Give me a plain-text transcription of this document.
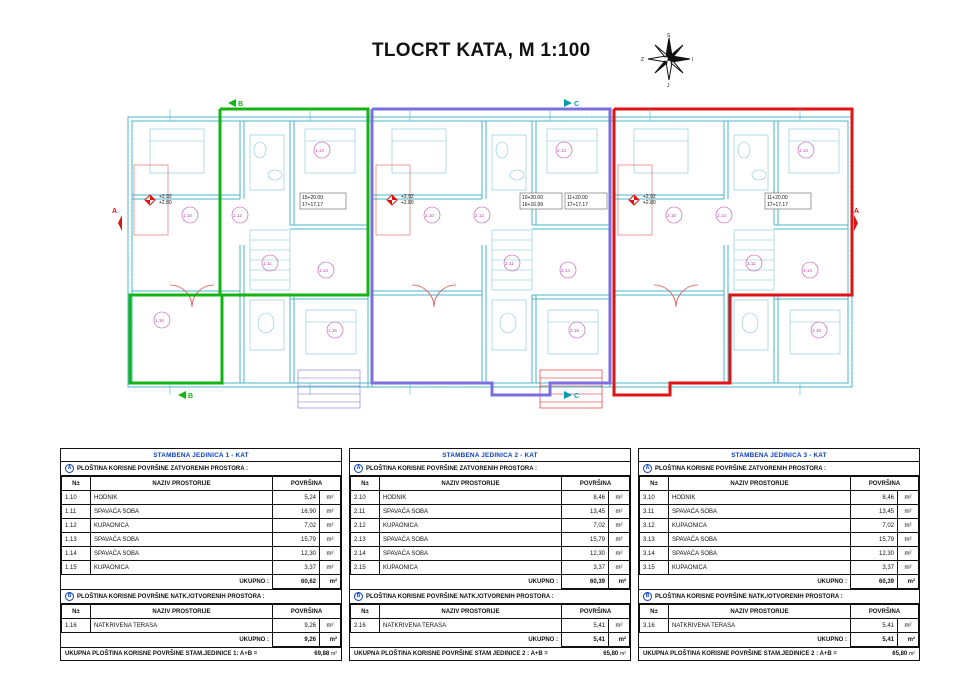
TLOCRT KATA, M 1:100
S
J
I
Z
+2.92
+2.80
+2.92
+2.80
+2.92
+2.80
1.10	1.12
1.11
1.13
1.14
1.15
1.16
2.10	2.12
2.11
2.13
2.14
2.15
3.10	3.12
3.11
3.13
3.14
3.15
15+20.00
17+17,17
10+20.00
16+16.99
11+20.00
17+17.17
11+20.00
17+17.17
B
B
C
C
A	A
STAMBENA JEDINICA 1 - KAT
A PLOŠTINA KORISNE POVRŠINE ZATVORENIH PROSTORA :
N±	NAZIV PROSTORIJE	POVRŠINA	
1.10	HODNIK	5,24	m²
1.11	SPAVAĆA SOBA	16,90	m²
1.12	KUPAONICA	7,02	m²
1.13	SPAVAĆA SOBA	15,79	m²
1.14	SPAVAĆA SOBA	12,30	m²
1.15	KUPAONICA	3,37	m²
UKUPNO :		60,62	m²
B PLOŠTINA KORISNE POVRŠINE NATK./OTVORENIH PROSTORA :
N±	NAZIV PROSTORIJE	POVRŠINA	
1.16	NATKRIVENA TERASA	9,26	m²
UKUPNO :		9,26	m²
UKUPNA PLOŠTINA KORISNE POVRŠINE STAM.JEDINICE 1: A+B =	69,88 m²
STAMBENA JEDINICA 2 - KAT
A PLOŠTINA KORISNE POVRŠINE ZATVORENIH PROSTORA :
N±	NAZIV PROSTORIJE	POVRŠINA	
2.10	HODNIK	8,46	m²
2.11	SPAVAĆA SOBA	13,45	m²
2.12	KUPAONICA	7,02	m²
2.13	SPAVAĆA SOBA	15,79	m²
2.14	SPAVAĆA SOBA	12,30	m²
2.15	KUPAONICA	3,37	m²
UKUPNO :		60,39	m²
B PLOŠTINA KORISNE POVRŠINE NATK./OTVORENIH PROSTORA :
N±	NAZIV PROSTORIJE	POVRŠINA	
2.16	NATKRIVENA TERASA	5,41	m²
UKUPNO :		5,41	m²
UKUPNA PLOŠTINA KORISNE POVRŠINE STAM JEDINICE 2 : A+B =	65,80 m²
STAMBENA JEDINICA 3 - KAT
A PLOŠTINA KORISNE POVRŠINE ZATVORENIH PROSTORA :
N±	NAZIV PROSTORIJE	POVRŠINA	
3.10	HODNIK	8,46	m²
3.11	SPAVAĆA SOBA	13,45	m²
3.12	KUPAONICA	7,02	m²
3.13	SPAVAĆA SOBA	15,79	m²
3.14	SPAVAĆA SOBA	12,30	m²
3.15	KUPAONICA	3,37	m²
UKUPNO :		60,39	m²
B PLOŠTINA KORISNE POVRŠINE NATK./OTVORENIH PROSTORA :
N±	NAZIV PROSTORIJE	POVRŠINA	
3.16	NATKRIVENA TERASA	5,41	m²
UKUPNO :		5,41	m²
UKUPNA PLOŠTINA KORISNE POVRŠINE STAM.JEDINICE 2 : A+B =	65,80 m²
